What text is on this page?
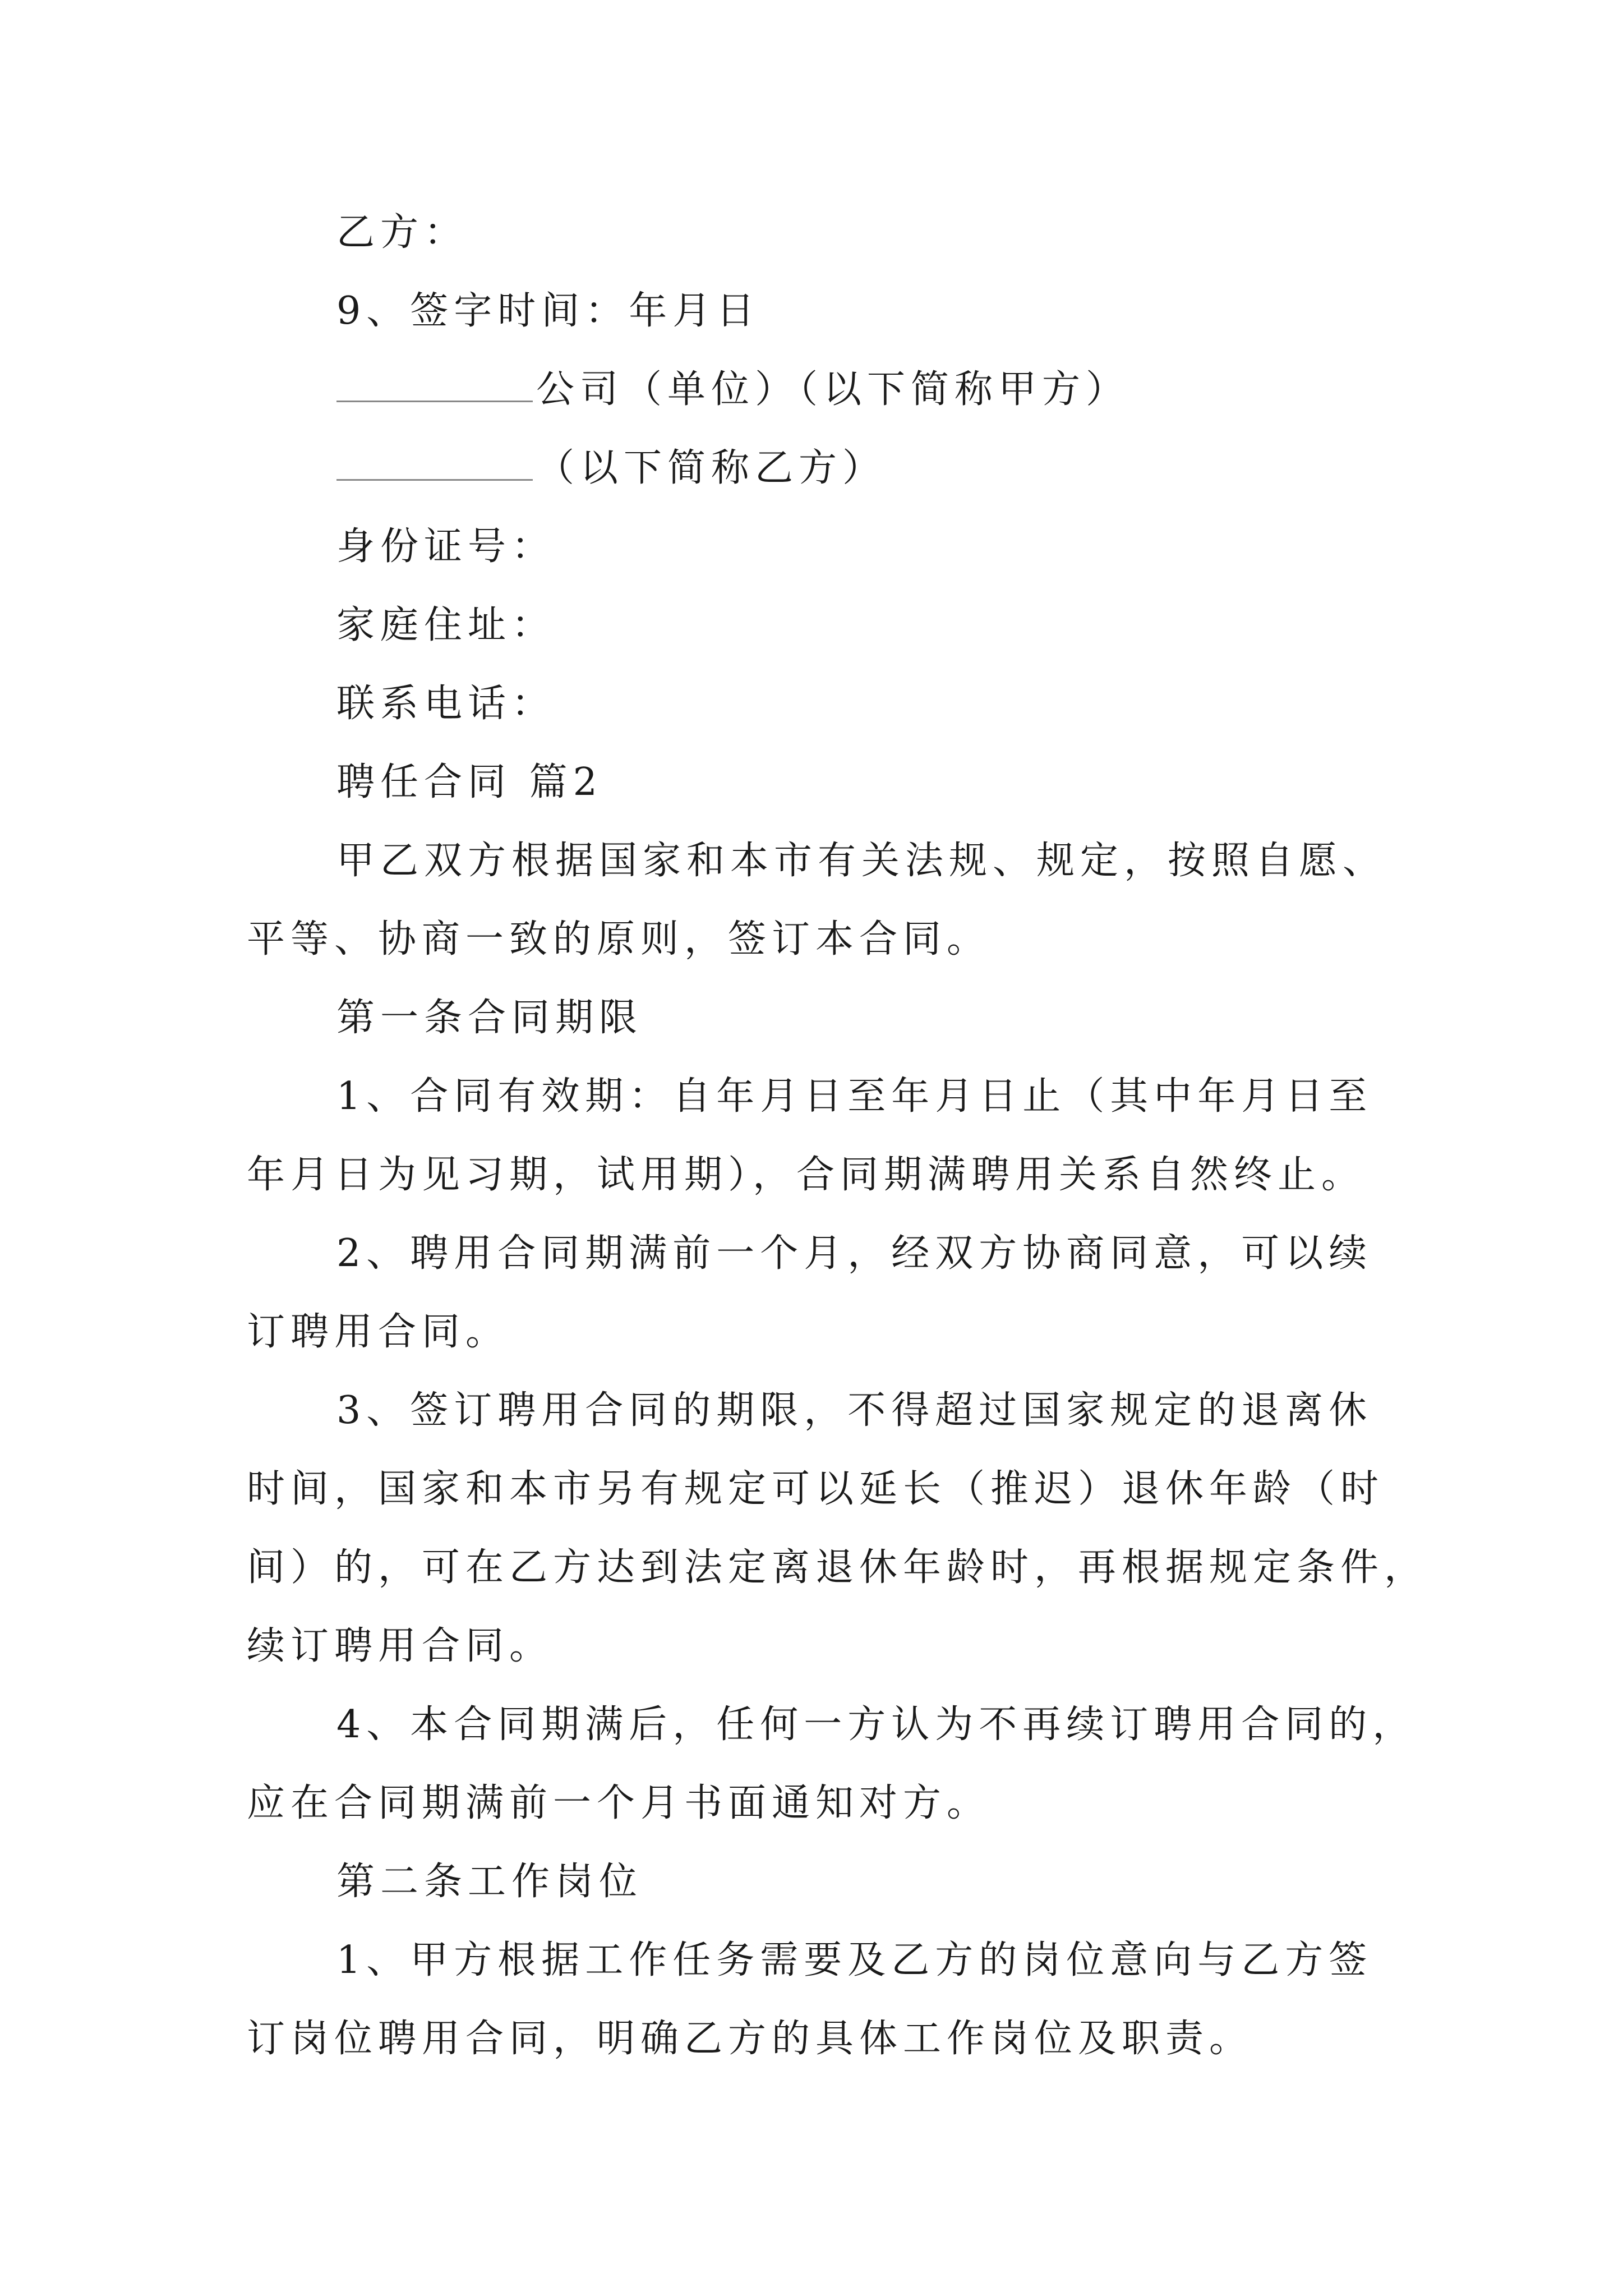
乙方：
9、签字时间：年月日
公司（单位）（以下简称甲方）
（以下简称乙方）
身份证号：
家庭住址：
联系电话：
聘任合同 篇2
甲乙双方根据国家和本市有关法规、规定，按照自愿、
平等、协商一致的原则，签订本合同。
第一条合同期限
1、合同有效期：自年月日至年月日止（其中年月日至
年月日为见习期，试用期），合同期满聘用关系自然终止。
2、聘用合同期满前一个月，经双方协商同意，可以续
订聘用合同。
3、签订聘用合同的期限，不得超过国家规定的退离休
时间，国家和本市另有规定可以延长（推迟）退休年龄（时
间）的，可在乙方达到法定离退休年龄时，再根据规定条件，
续订聘用合同。
4、本合同期满后，任何一方认为不再续订聘用合同的，
应在合同期满前一个月书面通知对方。
第二条工作岗位
1、甲方根据工作任务需要及乙方的岗位意向与乙方签
订岗位聘用合同，明确乙方的具体工作岗位及职责。
